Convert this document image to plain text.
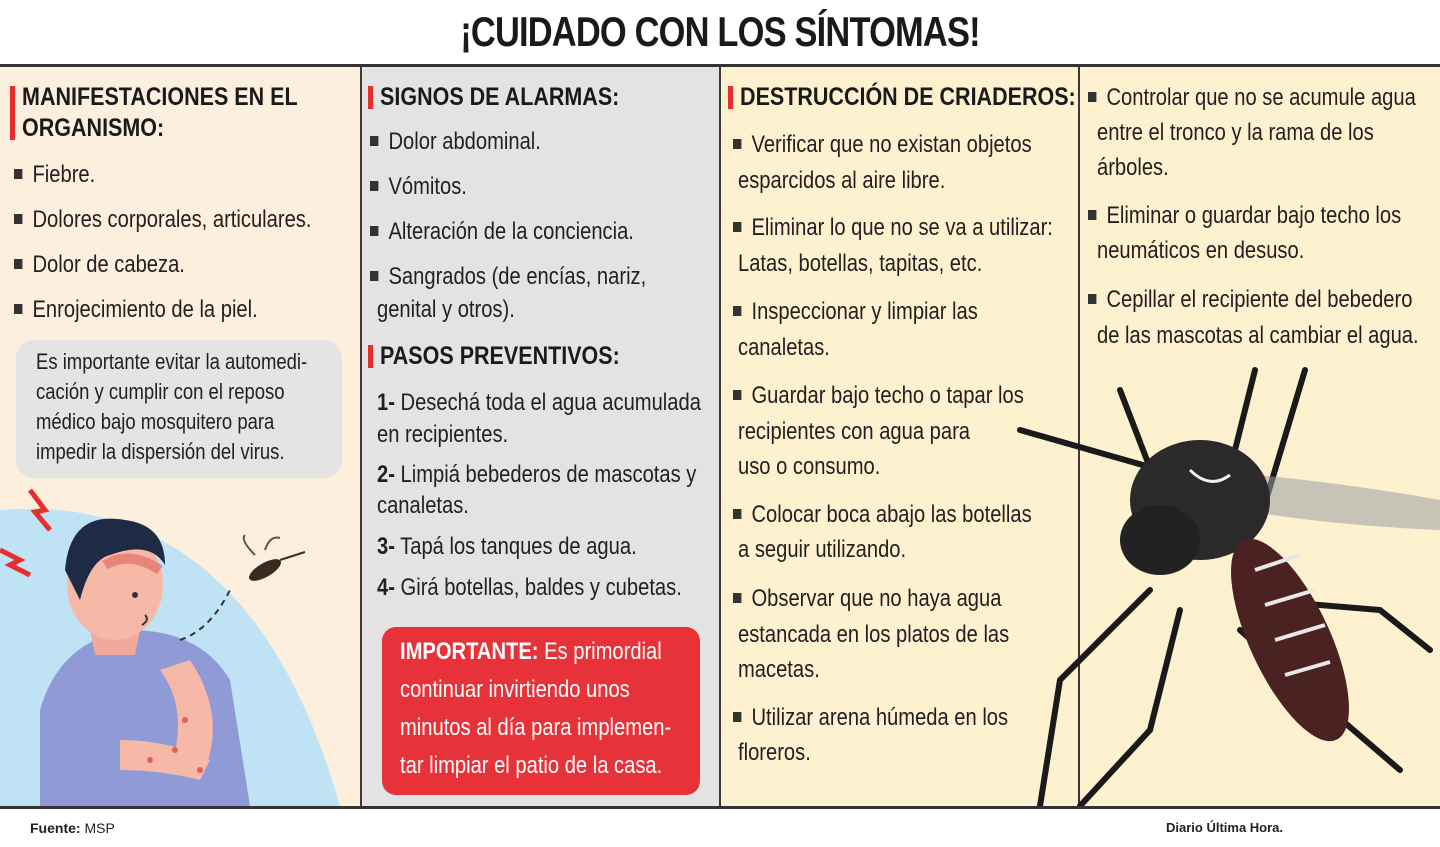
¡CUIDADO CON LOS SÍNTOMAS!
MANIFESTACIONES EN EL
ORGANISMO:
Fiebre.
Dolores corporales, articulares.
Dolor de cabeza.
Enrojecimiento de la piel.
Es importante evitar la automedi-
cación y cumplir con el reposo
médico bajo mosquitero para
impedir la dispersión del virus.
SIGNOS DE ALARMAS:
Dolor abdominal.
Vómitos.
Alteración de la conciencia.
Sangrados (de encías, nariz,
genital y otros).
PASOS PREVENTIVOS:
1- Desechá toda el agua acumulada
en recipientes.
2- Limpiá bebederos de mascotas y
canaletas.
3- Tapá los tanques de agua.
4- Girá botellas, baldes y cubetas.
IMPORTANTE: Es primordial
continuar invirtiendo unos
minutos al día para implemen-
tar limpiar el patio de la casa.
DESTRUCCIÓN DE CRIADEROS:
Verificar que no existan objetos
esparcidos al aire libre.
Eliminar lo que no se va a utilizar:
Latas, botellas, tapitas, etc.
Inspeccionar y limpiar las
canaletas.
Guardar bajo techo o tapar los
recipientes con agua para
uso o consumo.
Colocar boca abajo las botellas
a seguir utilizando.
Observar que no haya agua
estancada en los platos de las
macetas.
Utilizar arena húmeda en los
floreros.
Controlar que no se acumule agua
entre el tronco y la rama de los
árboles.
Eliminar o guardar bajo techo los
neumáticos en desuso.
Cepillar el recipiente del bebedero
de las mascotas al cambiar el agua.
Fuente: MSP	Diario Última Hora.
